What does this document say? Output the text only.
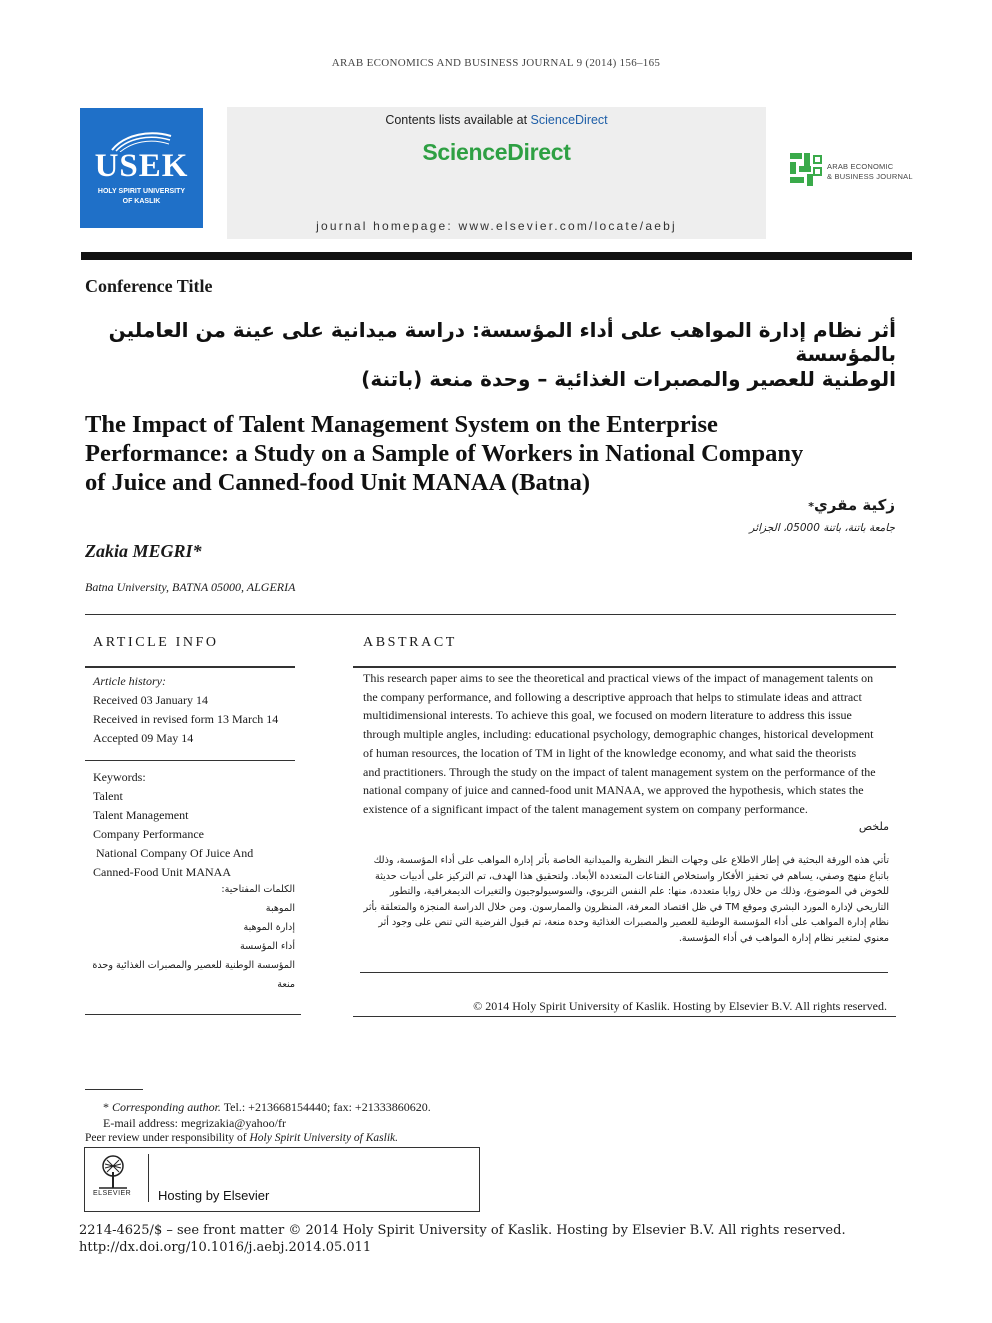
ARAB ECONOMICS AND BUSINESS JOURNAL 9 (2014) 156–165
USEK
HOLY SPIRIT UNIVERSITY
OF KASLIK
Contents lists available at ScienceDirect
ScienceDirect
journal homepage: www.elsevier.com/locate/aebj
ARAB ECONOMIC
& BUSINESS JOURNAL
Conference Title
أثر نظام إدارة المواهب على أداء المؤسسة: دراسة ميدانية على عينة من العاملين بالمؤسسة
الوطنية للعصير والمصبرات الغذائية – وحدة منعة (باتنة)
The Impact of Talent Management System on the Enterprise
Performance: a Study on a Sample of Workers in National Company
of Juice and Canned-food Unit MANAA (Batna)
زكية مقري*
جامعة باتنة، باتنة 05000، الجزائر
Zakia MEGRI*
Batna University, BATNA 05000, ALGERIA
ARTICLE INFO
Article history:
Received 03 January 14
Received in revised form 13 March 14
Accepted 09 May 14
Keywords:
Talent
Talent Management
Company Performance
National Company Of Juice And
Canned-Food Unit MANAA
الكلمات المفتاحية:
الموهبة
إدارة الموهبة
أداء المؤسسة
المؤسسة الوطنية للعصير والمصبرات الغذائية وحدة
منعة
ABSTRACT
This research paper aims to see the theoretical and practical views of the impact of management talents on
the company performance, and following a descriptive approach that helps to stimulate ideas and attract
multidimensional interests. To achieve this goal, we focused on modern literature to address this issue
through multiple angles, including: educational psychology, demographic changes, historical development
of human resources, the location of TM in light of the knowledge economy, and what said the theorists
and practitioners. Through the study on the impact of talent management system on the performance of the
national company of juice and canned-food unit MANAA, we approved the hypothesis, which states the
existence of a significant impact of the talent management system on company performance.
ملخص
تأتي هذه الورقة البحثية في إطار الاطلاع على وجهات النظر النظرية والميدانية الخاصة بأثر إدارة المواهب على أداء المؤسسة، وذلك
باتباع منهج وصفي، يساهم في تحفيز الأفكار واستخلاص القناعات المتعددة الأبعاد. ولتحقيق هذا الهدف، تم التركيز على أدبيات حديثة
للخوض في الموضوع، وذلك من خلال زوايا متعددة، منها: علم النفس التربوي، والسوسيولوجيون والتغيرات الديمغرافية، والتطور
التاريخي لإدارة المورد البشري وموقع TM في ظل اقتصاد المعرفة، المنظرون والممارسون. ومن خلال الدراسة المنجزة والمتعلقة بأثر
نظام إدارة المواهب على أداء المؤسسة الوطنية للعصير والمصبرات الغذائية وحدة منعة، تم قبول الفرضية التي تنص على وجود أثر
معنوي لمتغير نظام إدارة المواهب في أداء المؤسسة.
© 2014 Holy Spirit University of Kaslik. Hosting by Elsevier B.V. All rights reserved.
* Corresponding author. Tel.: +213668154440; fax: +21333860620.
E-mail address: megrizakia@yahoo/fr
Peer review under responsibility of Holy Spirit University of Kaslik.
ELSEVIER Hosting by Elsevier
2214-4625/$ – see front matter © 2014 Holy Spirit University of Kaslik. Hosting by Elsevier B.V. All rights reserved.
http://dx.doi.org/10.1016/j.aebj.2014.05.011
